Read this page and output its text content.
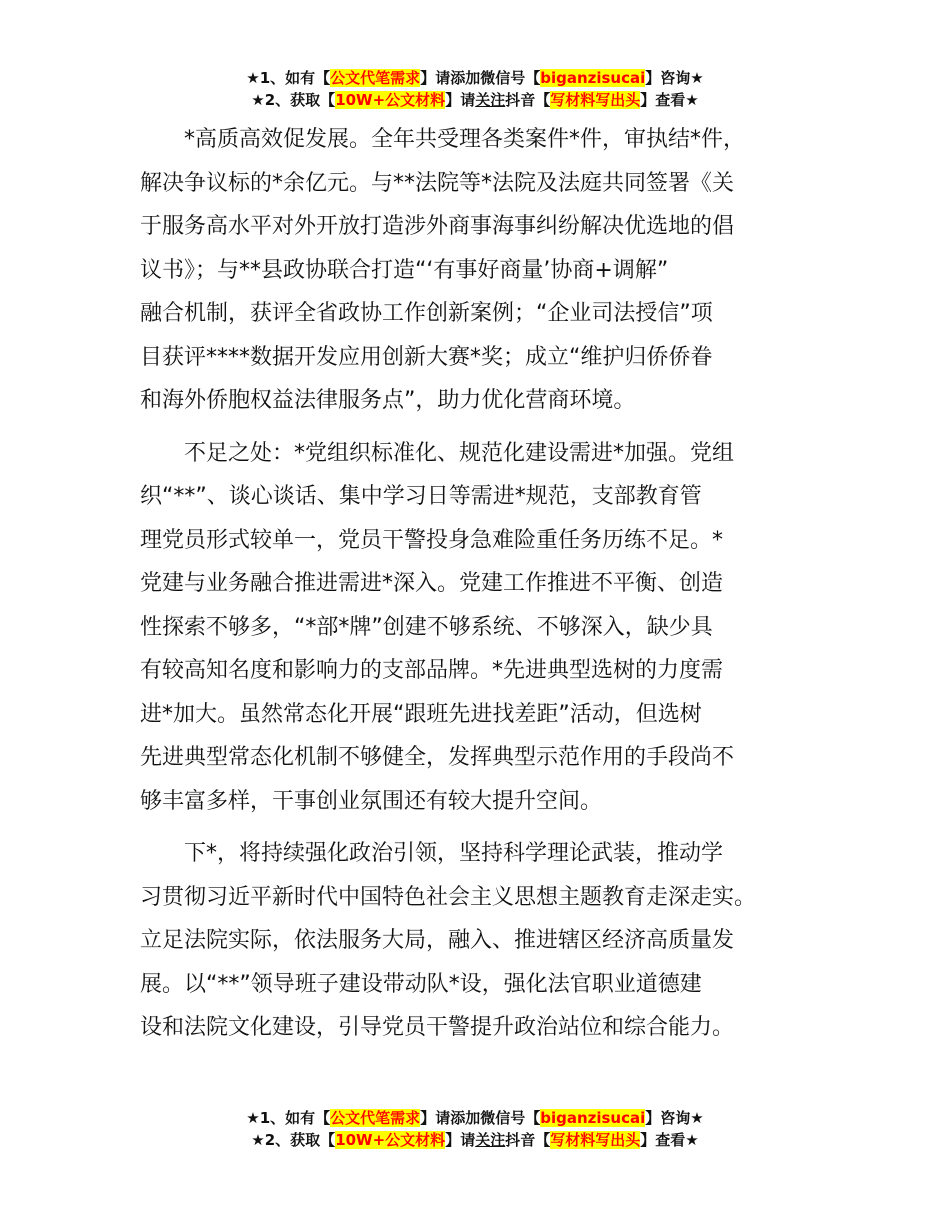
★1、如有【公文代笔需求】请添加微信号【biganzisucai】咨询★
★2、获取【10W+公文材料】请关注抖音【写材料写出头】查看★

*高质高效促发展。全年共受理各类案件*件，审执结*件，
解决争议标的*余亿元。与**法院等*法院及法庭共同签署《关
于服务高水平对外开放打造涉外商事海事纠纷解决优选地的倡
议书》；与**县政协联合打造“‘有事好商量’协商+调解”
融合机制，获评全省政协工作创新案例；“企业司法授信”项
目获评****数据开发应用创新大赛*奖；成立“维护归侨侨眷
和海外侨胞权益法律服务点”，助力优化营商环境。

不足之处：*党组织标准化、规范化建设需进*加强。党组
织“**”、谈心谈话、集中学习日等需进*规范，支部教育管
理党员形式较单一，党员干警投身急难险重任务历练不足。*
党建与业务融合推进需进*深入。党建工作推进不平衡、创造
性探索不够多，“*部*牌”创建不够系统、不够深入，缺少具
有较高知名度和影响力的支部品牌。*先进典型选树的力度需
进*加大。虽然常态化开展“跟班先进找差距”活动，但选树
先进典型常态化机制不够健全，发挥典型示范作用的手段尚不
够丰富多样，干事创业氛围还有较大提升空间。

下*，将持续强化政治引领，坚持科学理论武装，推动学
习贯彻习近平新时代中国特色社会主义思想主题教育走深走实。
立足法院实际，依法服务大局，融入、推进辖区经济高质量发
展。以“**”领导班子建设带动队*设，强化法官职业道德建
设和法院文化建设，引导党员干警提升政治站位和综合能力。

★1、如有【公文代笔需求】请添加微信号【biganzisucai】咨询★
★2、获取【10W+公文材料】请关注抖音【写材料写出头】查看★
